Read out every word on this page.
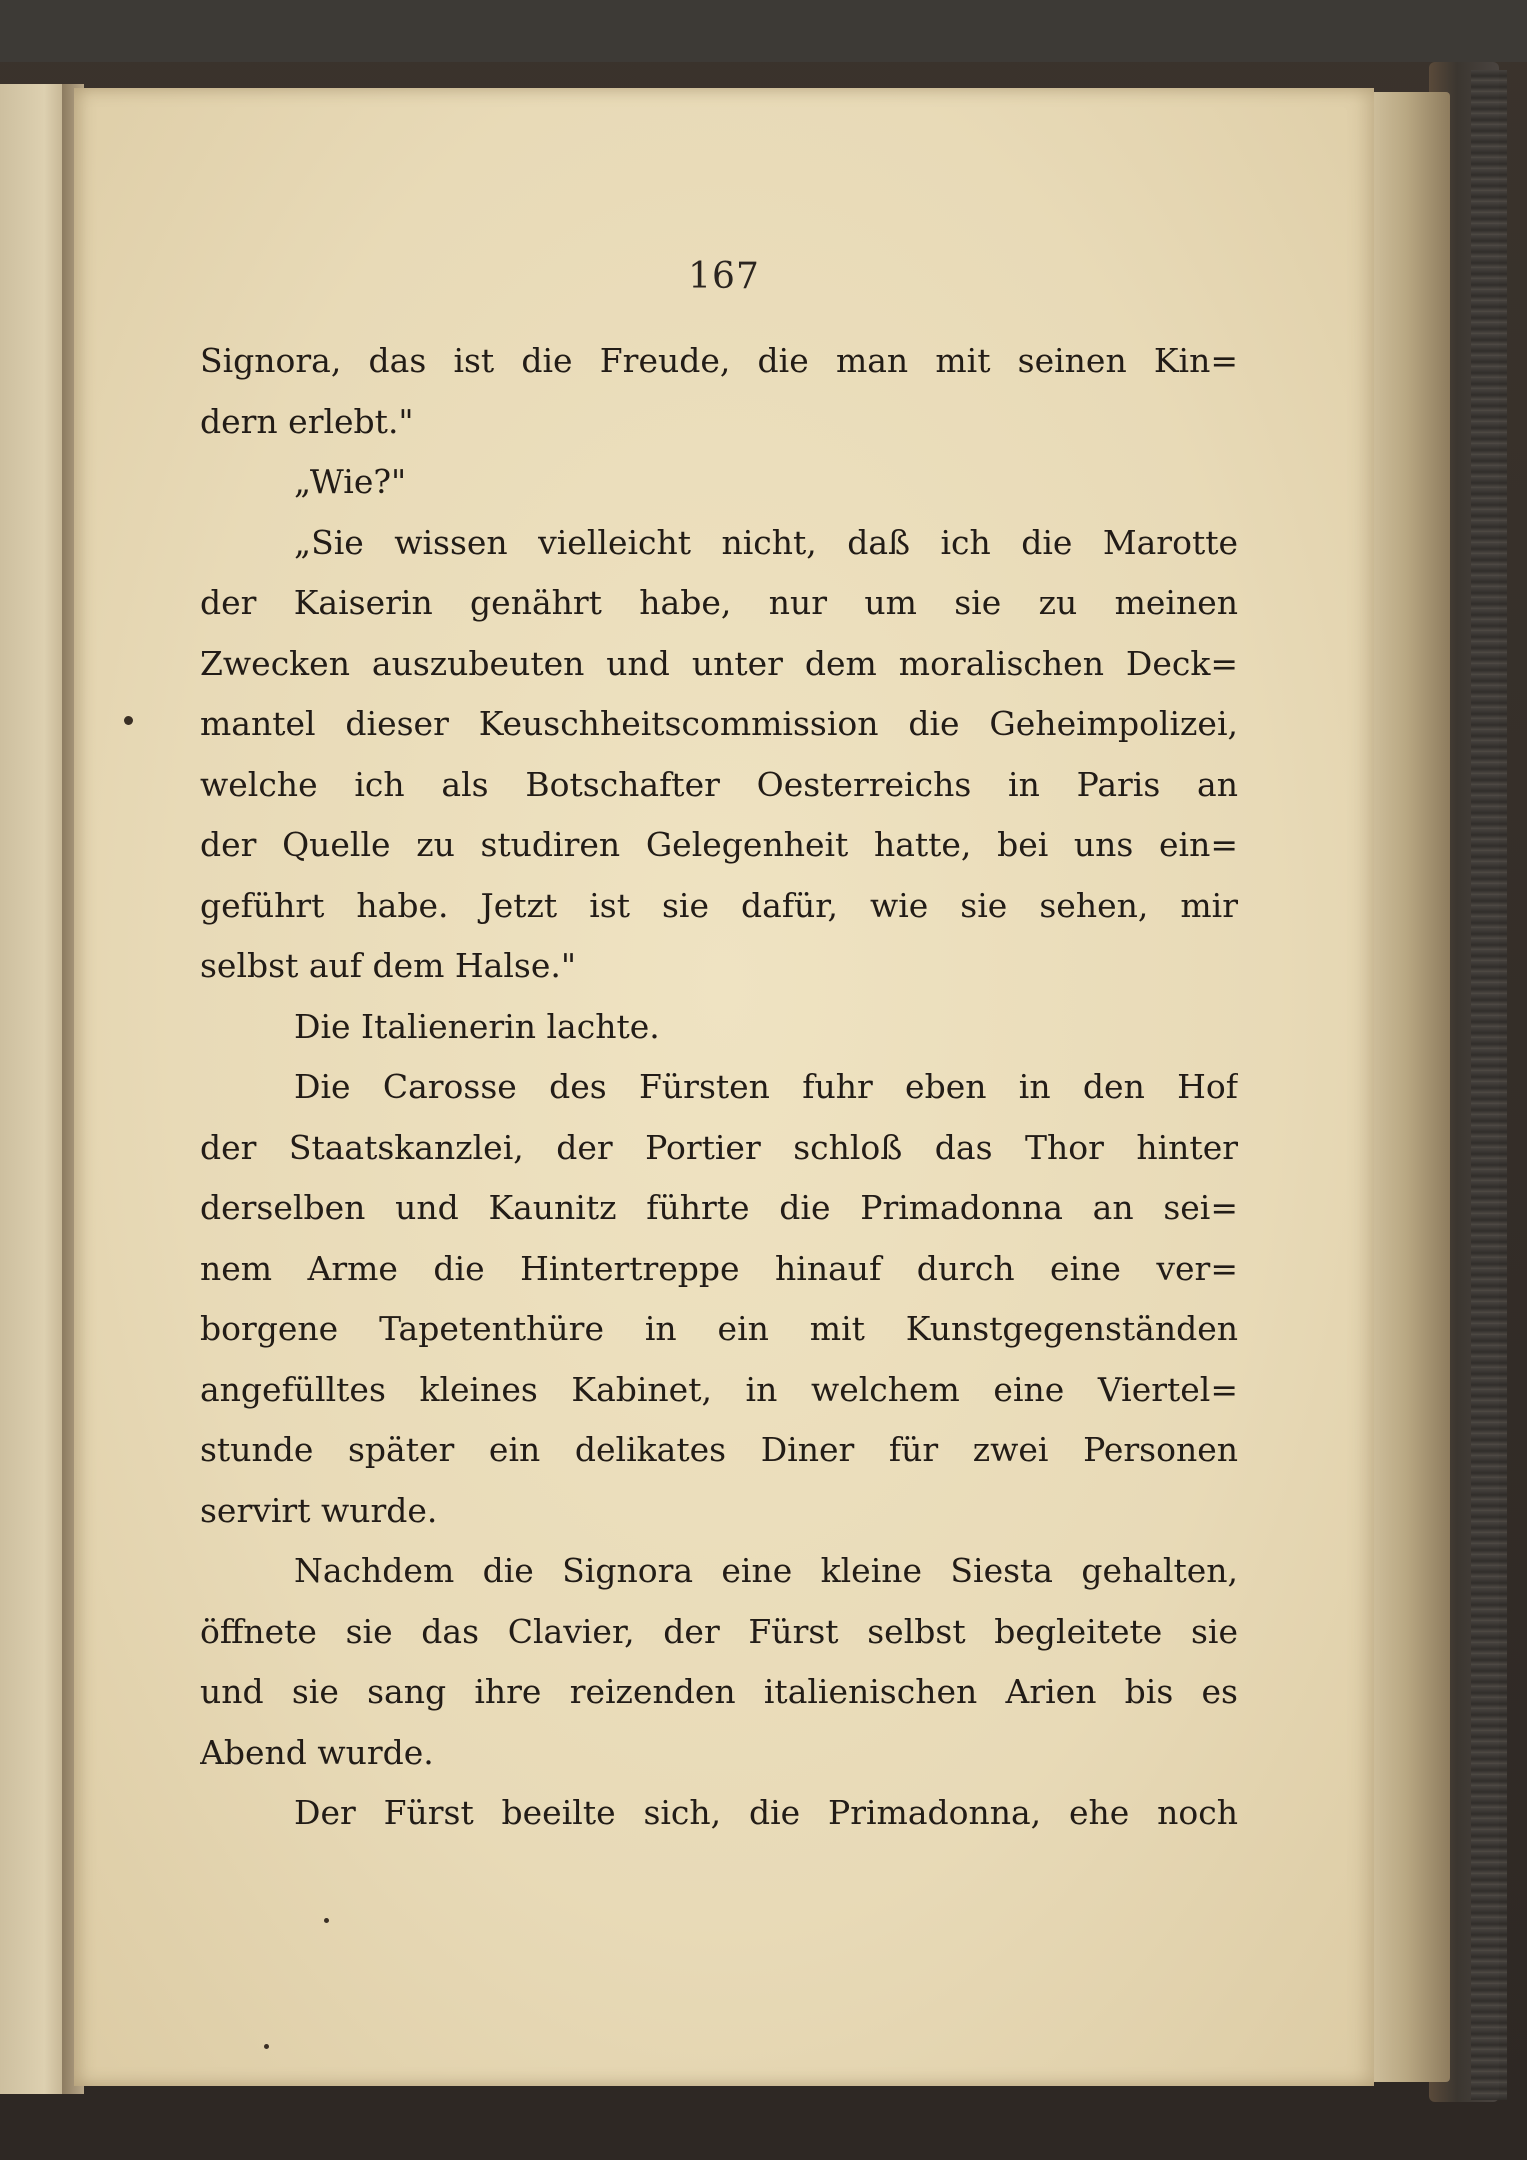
167
Signora, das ist die Freude, die man mit seinen Kin=
dern erlebt."
„Wie?"
„Sie wissen vielleicht nicht, daß ich die Marotte
der Kaiserin genährt habe, nur um sie zu meinen
Zwecken auszubeuten und unter dem moralischen Deck=
mantel dieser Keuschheitscommission die Geheimpolizei,
welche ich als Botschafter Oesterreichs in Paris an
der Quelle zu studiren Gelegenheit hatte, bei uns ein=
geführt habe. Jetzt ist sie dafür, wie sie sehen, mir
selbst auf dem Halse."
Die Italienerin lachte.
Die Carosse des Fürsten fuhr eben in den Hof
der Staatskanzlei, der Portier schloß das Thor hinter
derselben und Kaunitz führte die Primadonna an sei=
nem Arme die Hintertreppe hinauf durch eine ver=
borgene Tapetenthüre in ein mit Kunstgegenständen
angefülltes kleines Kabinet, in welchem eine Viertel=
stunde später ein delikates Diner für zwei Personen
servirt wurde.
Nachdem die Signora eine kleine Siesta gehalten,
öffnete sie das Clavier, der Fürst selbst begleitete sie
und sie sang ihre reizenden italienischen Arien bis es
Abend wurde.
Der Fürst beeilte sich, die Primadonna, ehe noch
